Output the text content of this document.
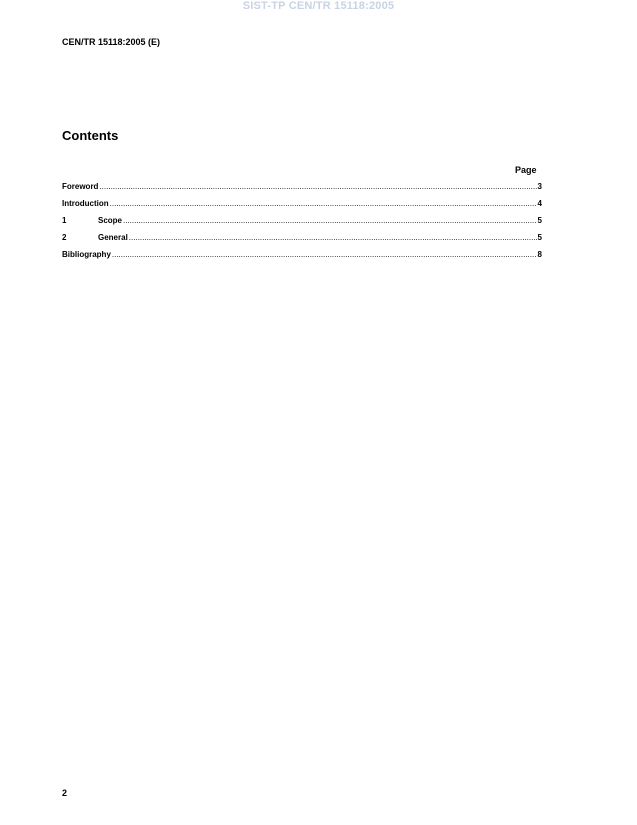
SIST-TP CEN/TR 15118:2005
CEN/TR 15118:2005 (E)
Contents
Page
Foreword .....	3
Introduction .....	4
1	Scope .....	5
2	General .....	5
Bibliography .....	8
2
